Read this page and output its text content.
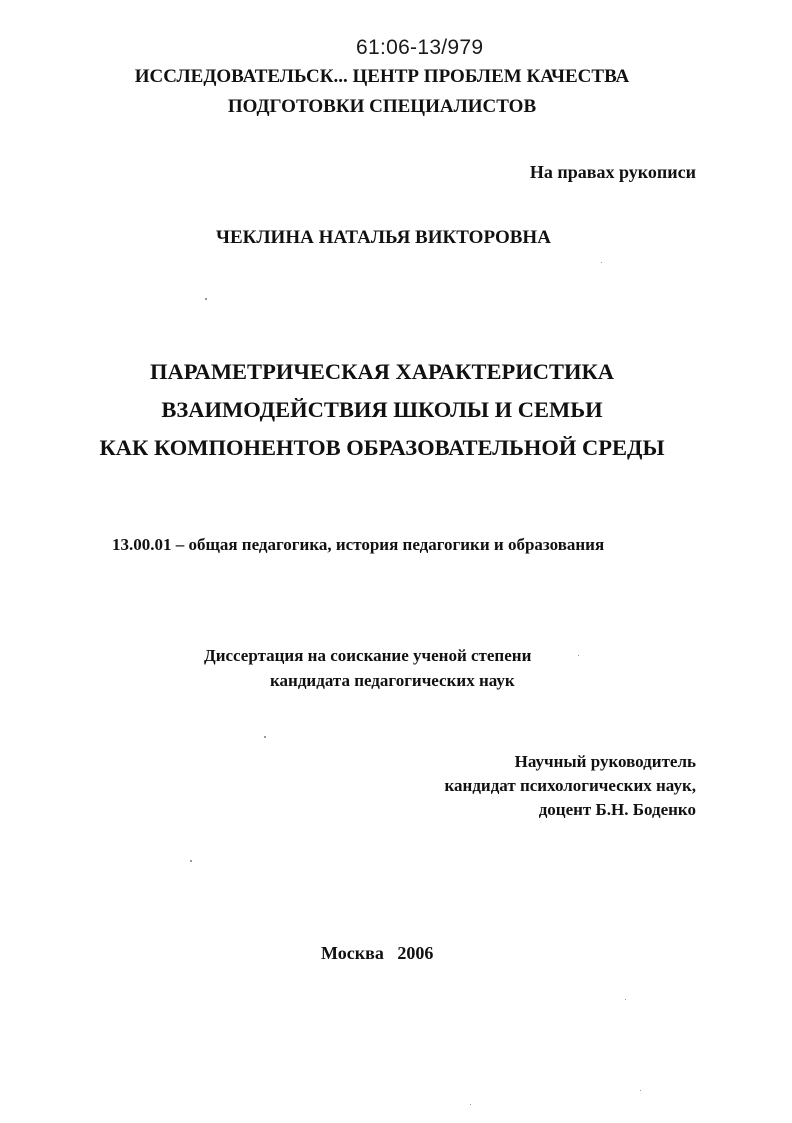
61:06-13/979
ИССЛЕДОВАТЕЛЬСК... ЦЕНТР ПРОБЛЕМ КАЧЕСТВА
ПОДГОТОВКИ СПЕЦИАЛИСТОВ
На правах рукописи
ЧЕКЛИНА НАТАЛЬЯ ВИКТОРОВНА
ПАРАМЕТРИЧЕСКАЯ ХАРАКТЕРИСТИКА
ВЗАИМОДЕЙСТВИЯ ШКОЛЫ И СЕМЬИ
КАК КОМПОНЕНТОВ ОБРАЗОВАТЕЛЬНОЙ СРЕДЫ
13.00.01 – общая педагогика, история педагогики и образования
Диссертация на соискание ученой степени
кандидата педагогических наук
Научный руководитель
кандидат психологических наук,
доцент Б.Н. Боденко
Москва 2006
